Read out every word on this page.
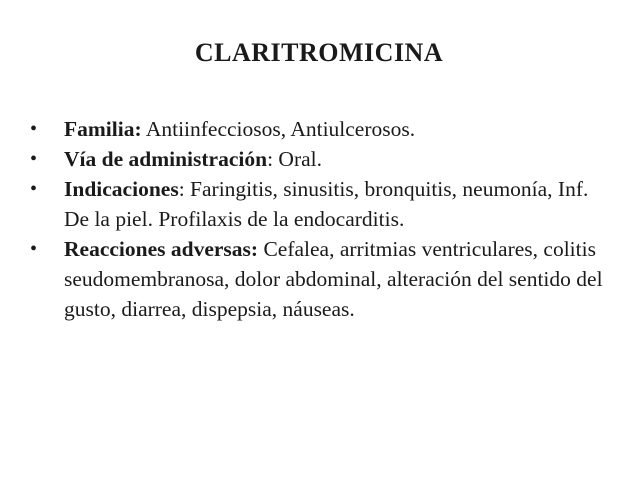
CLARITROMICINA
• Familia: Antiinfecciosos, Antiulcerosos.
• Vía de administración: Oral.
• Indicaciones: Faringitis, sinusitis, bronquitis, neumonía, Inf. De la piel. Profilaxis de la endocarditis.
• Reacciones adversas: Cefalea, arritmias ventriculares, colitis seudomembranosa, dolor abdominal, alteración del sentido del gusto, diarrea, dispepsia, náuseas.
